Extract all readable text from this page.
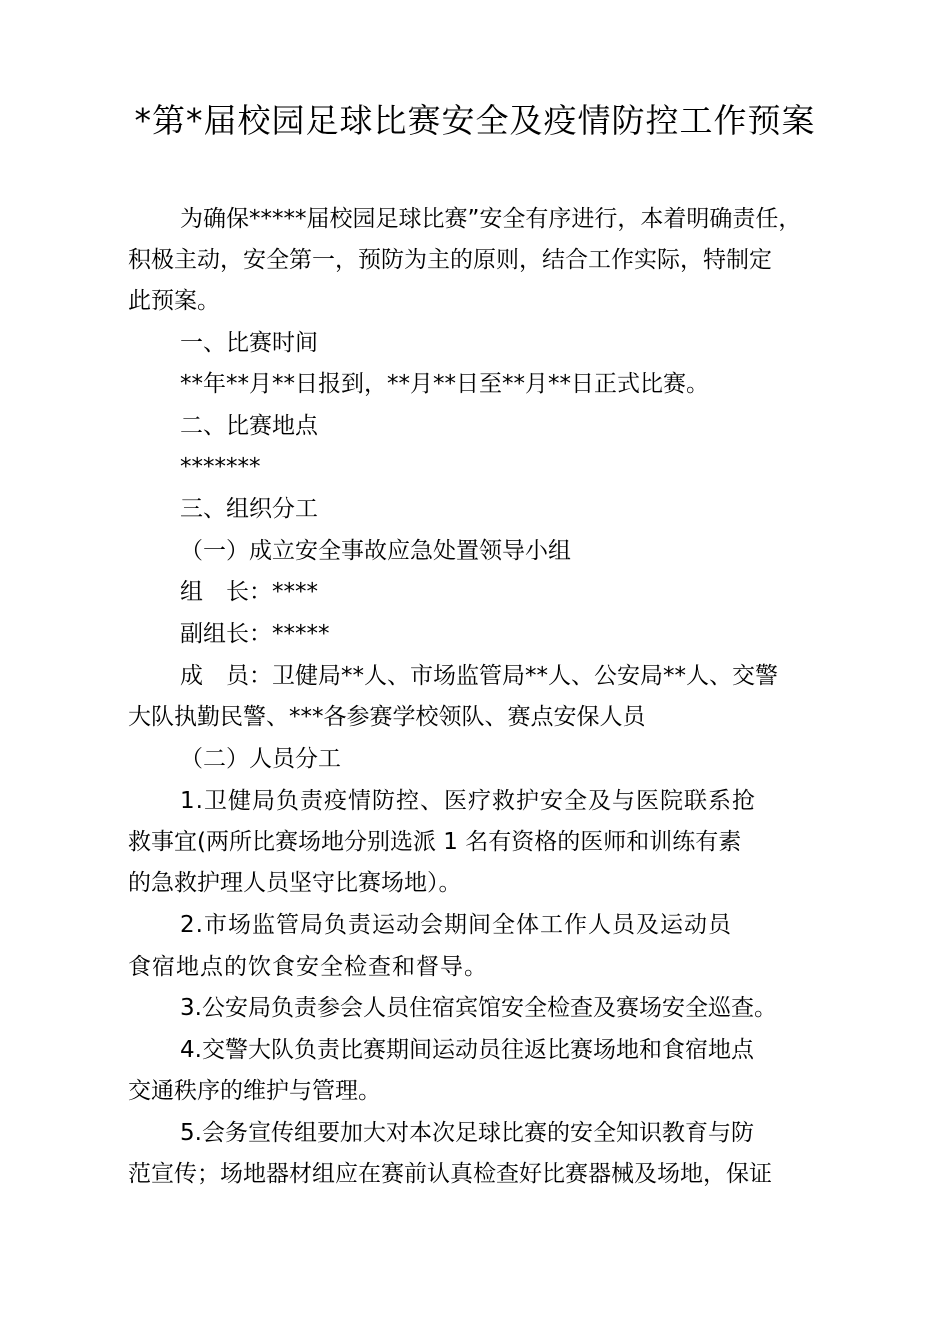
*第*届校园足球比赛安全及疫情防控工作预案
为确保*****届校园足球比赛”安全有序进行，本着明确责任，
积极主动，安全第一，预防为主的原则，结合工作实际，特制定
此预案。
一、比赛时间
**年**月**日报到，**月**日至**月**日正式比赛。
二、比赛地点
*******
三、组织分工
（一）成立安全事故应急处置领导小组
组　长：****
副组长：*****
成　员：卫健局**人、市场监管局**人、公安局**人、交警
大队执勤民警、***各参赛学校领队、赛点安保人员
（二）人员分工
1.卫健局负责疫情防控、医疗救护安全及与医院联系抢
救事宜(两所比赛场地分别选派 1 名有资格的医师和训练有素
的急救护理人员坚守比赛场地）。
2.市场监管局负责运动会期间全体工作人员及运动员
食宿地点的饮食安全检查和督导。
3.公安局负责参会人员住宿宾馆安全检查及赛场安全巡查。
4.交警大队负责比赛期间运动员往返比赛场地和食宿地点
交通秩序的维护与管理。
5.会务宣传组要加大对本次足球比赛的安全知识教育与防
范宣传；场地器材组应在赛前认真检查好比赛器械及场地，保证
